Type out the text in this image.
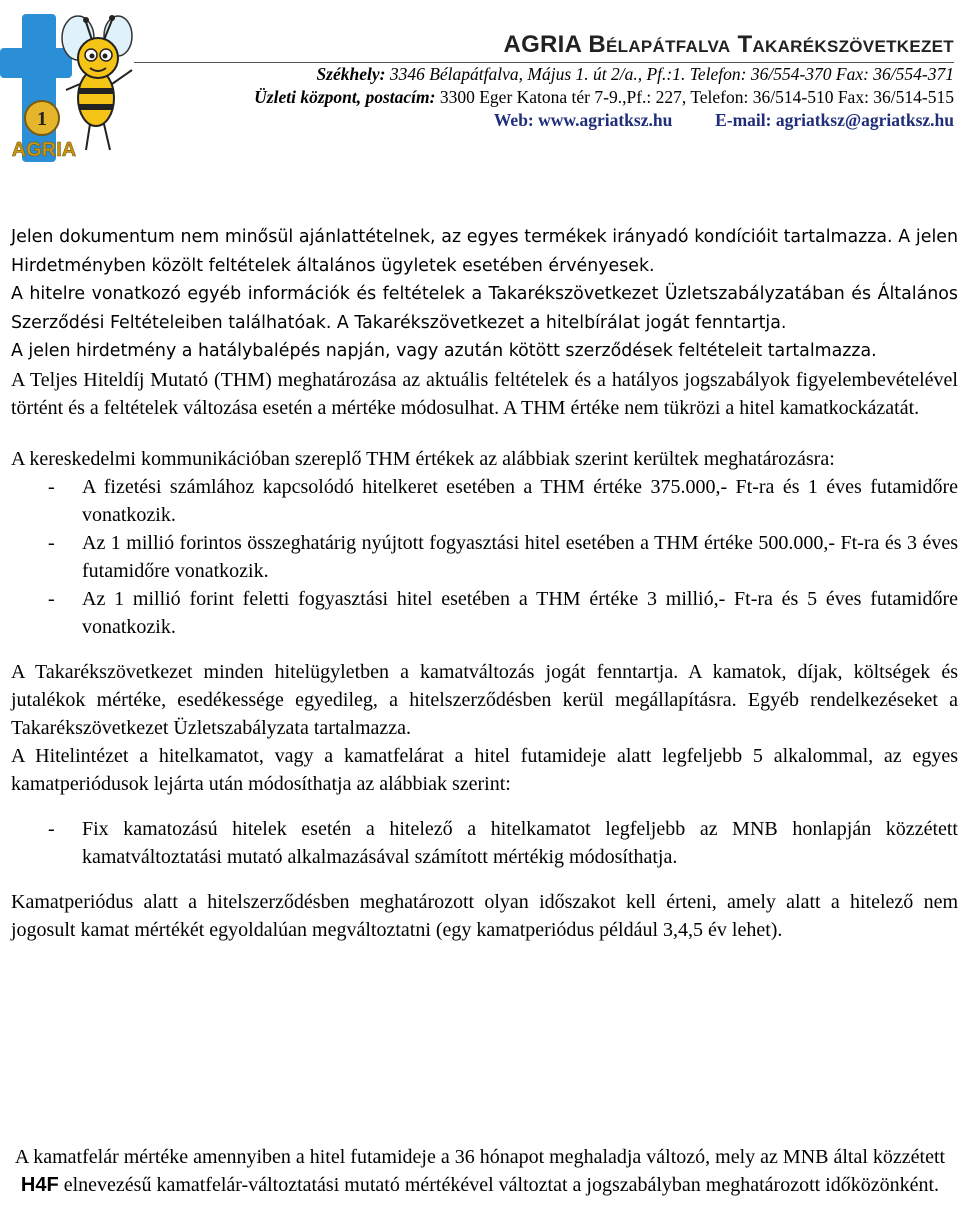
1
AGRIA
AGRIA Bélapátfalva Takarékszövetkezet
Székhely: 3346 Bélapátfalva, Május 1. út 2/a., Pf.:1. Telefon: 36/554-370 Fax: 36/554-371
Üzleti központ, postacím: 3300 Eger Katona tér 7-9.,Pf.: 227, Telefon: 36/514-510 Fax: 36/514-515
Web: www.agriatksz.hu E-mail: agriatksz@agriatksz.hu

Jelen dokumentum nem minősül ajánlattételnek, az egyes termékek irányadó kondícióit tartalmazza. A jelen Hirdetményben közölt feltételek általános ügyletek esetében érvényesek.
A hitelre vonatkozó egyéb információk és feltételek a Takarékszövetkezet Üzletszabályzatában és Általános Szerződési Feltételeiben találhatóak. A Takarékszövetkezet a hitelbírálat jogát fenntartja.
A jelen hirdetmény a hatálybalépés napján, vagy azután kötött szerződések feltételeit tartalmazza.

A Teljes Hiteldíj Mutató (THM) meghatározása az aktuális feltételek és a hatályos jogszabályok figyelembevételével történt és a feltételek változása esetén a mértéke módosulhat. A THM értéke nem tükrözi a hitel kamatkockázatát.

A kereskedelmi kommunikációban szereplő THM értékek az alábbiak szerint kerültek meghatározásra:

- A fizetési számlához kapcsolódó hitelkeret esetében a THM értéke 375.000,- Ft-ra és 1 éves futamidőre vonatkozik.
- Az 1 millió forintos összeghatárig nyújtott fogyasztási hitel esetében a THM értéke 500.000,- Ft-ra és 3 éves futamidőre vonatkozik.
- Az 1 millió forint feletti fogyasztási hitel esetében a THM értéke 3 millió,- Ft-ra és 5 éves futamidőre vonatkozik.

A Takarékszövetkezet minden hitelügyletben a kamatváltozás jogát fenntartja. A kamatok, díjak, költségek és jutalékok mértéke, esedékessége egyedileg, a hitelszerződésben kerül megállapításra. Egyéb rendelkezéseket a Takarékszövetkezet Üzletszabályzata tartalmazza.

A Hitelintézet a hitelkamatot, vagy a kamatfelárat a hitel futamideje alatt legfeljebb 5 alkalommal, az egyes kamatperiódusok lejárta után módosíthatja az alábbiak szerint:

- Fix kamatozású hitelek esetén a hitelező a hitelkamatot legfeljebb az MNB honlapján közzétett kamatváltoztatási mutató alkalmazásával számított mértékig módosíthatja.

Kamatperiódus alatt a hitelszerződésben meghatározott olyan időszakot kell érteni, amely alatt a hitelező nem jogosult kamat mértékét egyoldalúan megváltoztatni (egy kamatperiódus például 3,4,5 év lehet).

A kamatfelár mértéke amennyiben a hitel futamideje a 36 hónapot meghaladja változó, mely az MNB által közzétett H4F elnevezésű kamatfelár-változtatási mutató mértékével változtat a jogszabályban meghatározott időközönként.
